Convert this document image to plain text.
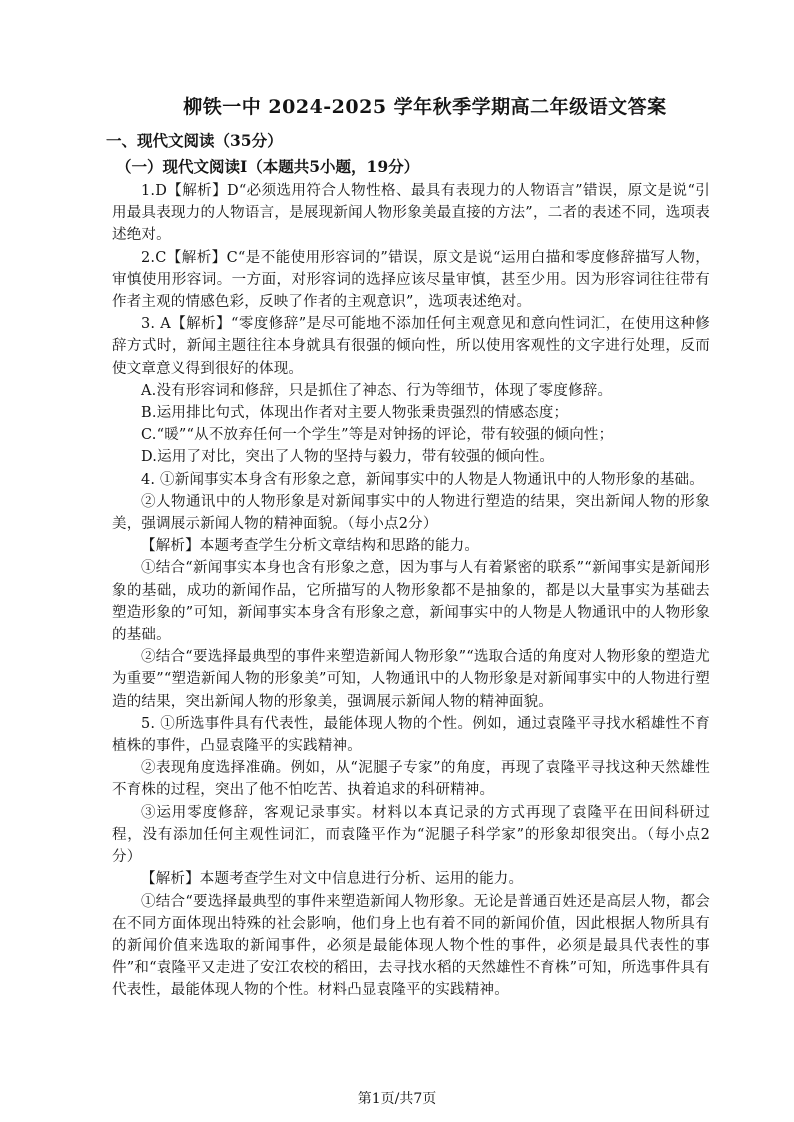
柳铁一中 2024-2025 学年秋季学期高二年级语文答案
一、现代文阅读（35分）
（一）现代文阅读Ⅰ（本题共5小题，19分）

1.D【解析】D“必须选用符合人物性格、最具有表现力的人物语言”错误，原文是说“引用最具表现力的人物语言，是展现新闻人物形象美最直接的方法”，二者的表述不同，选项表述绝对。

2.C【解析】C“是不能使用形容词的”错误，原文是说“运用白描和零度修辞描写人物，审慎使用形容词。一方面，对形容词的选择应该尽量审慎，甚至少用。因为形容词往往带有作者主观的情感色彩，反映了作者的主观意识”，选项表述绝对。

3. A【解析】“零度修辞”是尽可能地不添加任何主观意见和意向性词汇，在使用这种修辞方式时，新闻主题往往本身就具有很强的倾向性，所以使用客观性的文字进行处理，反而使文章意义得到很好的体现。

A.没有形容词和修辞，只是抓住了神态、行为等细节，体现了零度修辞。

B.运用排比句式，体现出作者对主要人物张秉贵强烈的情感态度；

C.“暖”“从不放弃任何一个学生”等是对钟扬的评论，带有较强的倾向性；

D.运用了对比，突出了人物的坚持与毅力，带有较强的倾向性。

4. ①新闻事实本身含有形象之意，新闻事实中的人物是人物通讯中的人物形象的基础。

②人物通讯中的人物形象是对新闻事实中的人物进行塑造的结果，突出新闻人物的形象美，强调展示新闻人物的精神面貌。（每小点2分）

【解析】本题考查学生分析文章结构和思路的能力。

①结合“新闻事实本身也含有形象之意，因为事与人有着紧密的联系”“新闻事实是新闻形象的基础，成功的新闻作品，它所描写的人物形象都不是抽象的，都是以大量事实为基础去塑造形象的”可知，新闻事实本身含有形象之意，新闻事实中的人物是人物通讯中的人物形象的基础。

②结合“要选择最典型的事件来塑造新闻人物形象”“选取合适的角度对人物形象的塑造尤为重要”“塑造新闻人物的形象美”可知，人物通讯中的人物形象是对新闻事实中的人物进行塑造的结果，突出新闻人物的形象美，强调展示新闻人物的精神面貌。

5. ①所选事件具有代表性，最能体现人物的个性。例如，通过袁隆平寻找水稻雄性不育植株的事件，凸显袁隆平的实践精神。

②表现角度选择准确。例如，从“泥腿子专家”的角度，再现了袁隆平寻找这种天然雄性不育株的过程，突出了他不怕吃苦、执着追求的科研精神。

③运用零度修辞，客观记录事实。材料以本真记录的方式再现了袁隆平在田间科研过程，没有添加任何主观性词汇，而袁隆平作为“泥腿子科学家”的形象却很突出。（每小点2分）

【解析】本题考查学生对文中信息进行分析、运用的能力。

①结合“要选择最典型的事件来塑造新闻人物形象。无论是普通百姓还是高层人物，都会在不同方面体现出特殊的社会影响，他们身上也有着不同的新闻价值，因此根据人物所具有的新闻价值来选取的新闻事件，必须是最能体现人物个性的事件，必须是最具代表性的事件”和“袁隆平又走进了安江农校的稻田，去寻找水稻的天然雄性不育株”可知，所选事件具有代表性，最能体现人物的个性。材料凸显袁隆平的实践精神。

第1页/共7页
